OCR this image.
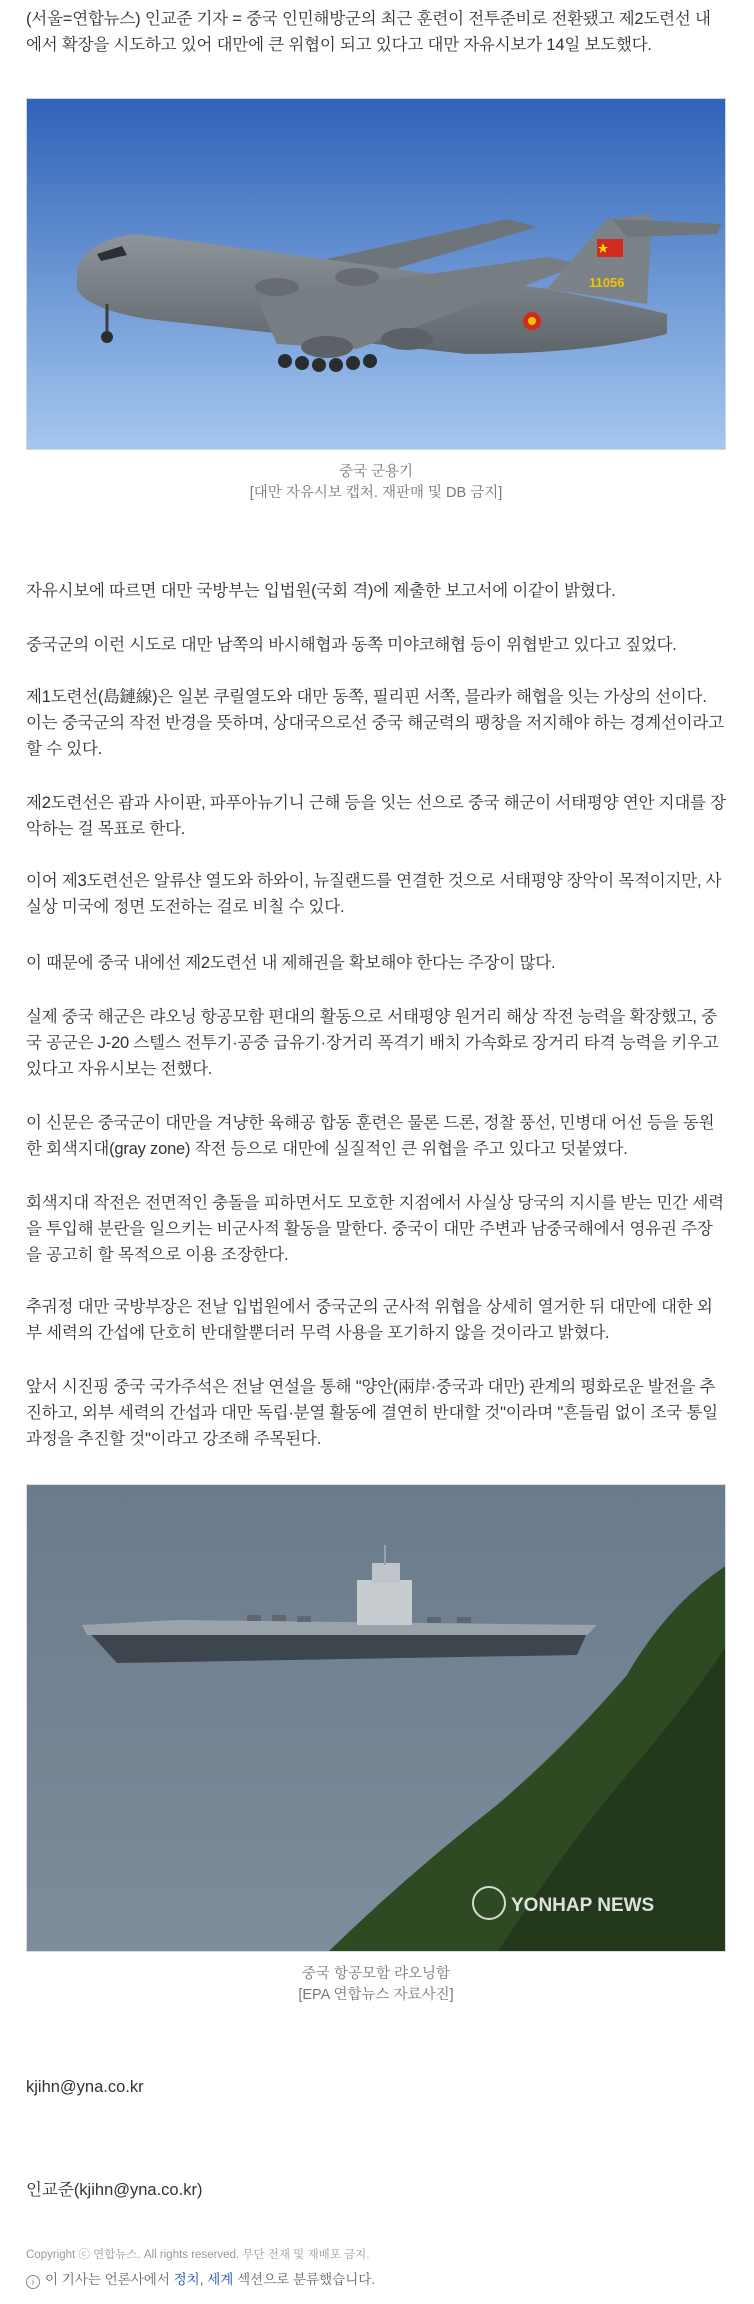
(서울=연합뉴스) 인교준 기자 = 중국 인민해방군의 최근 훈련이 전투준비로 전환됐고 제2도련선 내에서 확장을 시도하고 있어 대만에 큰 위협이 되고 있다고 대만 자유시보가 14일 보도했다.

11056
중국 군용기
[대만 자유시보 캡처. 재판매 및 DB 금지]

자유시보에 따르면 대만 국방부는 입법원(국회 격)에 제출한 보고서에 이같이 밝혔다.

중국군의 이런 시도로 대만 남쪽의 바시해협과 동쪽 미야코해협 등이 위협받고 있다고 짚었다.

제1도련선(島鏈線)은 일본 쿠릴열도와 대만 동쪽, 필리핀 서쪽, 믈라카 해협을 잇는 가상의 선이다. 이는 중국군의 작전 반경을 뜻하며, 상대국으로선 중국 해군력의 팽창을 저지해야 하는 경계선이라고 할 수 있다.

제2도련선은 괌과 사이판, 파푸아뉴기니 근해 등을 잇는 선으로 중국 해군이 서태평양 연안 지대를 장악하는 걸 목표로 한다.

이어 제3도련선은 알류샨 열도와 하와이, 뉴질랜드를 연결한 것으로 서태평양 장악이 목적이지만, 사실상 미국에 정면 도전하는 걸로 비칠 수 있다.

이 때문에 중국 내에선 제2도련선 내 제해권을 확보해야 한다는 주장이 많다.

실제 중국 해군은 랴오닝 항공모함 편대의 활동으로 서태평양 원거리 해상 작전 능력을 확장했고, 중국 공군은 J-20 스텔스 전투기·공중 급유기·장거리 폭격기 배치 가속화로 장거리 타격 능력을 키우고 있다고 자유시보는 전했다.

이 신문은 중국군이 대만을 겨냥한 육해공 합동 훈련은 물론 드론, 정찰 풍선, 민병대 어선 등을 동원한 회색지대(gray zone) 작전 등으로 대만에 실질적인 큰 위협을 주고 있다고 덧붙였다.

회색지대 작전은 전면적인 충돌을 피하면서도 모호한 지점에서 사실상 당국의 지시를 받는 민간 세력을 투입해 분란을 일으키는 비군사적 활동을 말한다. 중국이 대만 주변과 남중국해에서 영유권 주장을 공고히 할 목적으로 이용 조장한다.

추궈정 대만 국방부장은 전날 입법원에서 중국군의 군사적 위협을 상세히 열거한 뒤 대만에 대한 외부 세력의 간섭에 단호히 반대할뿐더러 무력 사용을 포기하지 않을 것이라고 밝혔다.

앞서 시진핑 중국 국가주석은 전날 연설을 통해 "양안(兩岸·중국과 대만) 관계의 평화로운 발전을 추진하고, 외부 세력의 간섭과 대만 독립·분열 활동에 결연히 반대할 것"이라며 "흔들림 없이 조국 통일 과정을 추진할 것"이라고 강조해 주목된다.

YONHAP NEWS
중국 항공모함 랴오닝함
[EPA 연합뉴스 자료사진]
kjihn@yna.co.kr
인교준(kjihn@yna.co.kr)
Copyright ⓒ 연합뉴스. All rights reserved. 무단 전재 및 재배포 금지.
i 이 기사는 언론사에서 정치, 세계 섹션으로 분류했습니다.
